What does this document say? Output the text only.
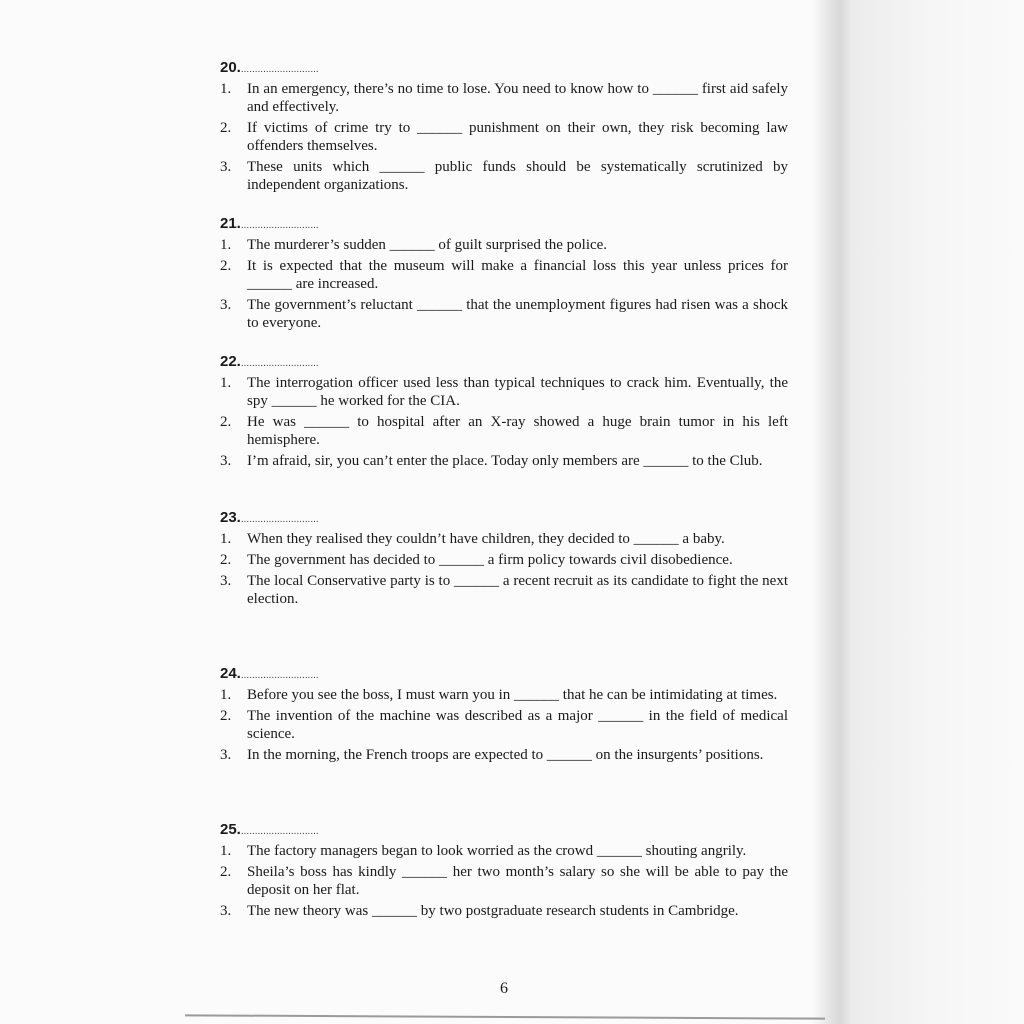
20.............................
1.	In an emergency, there’s no time to lose. You need to know how to ______ first aid safely and effectively.
2.	If victims of crime try to ______ punishment on their own, they risk becoming law offenders themselves.
3.	These units which ______ public funds should be systematically scrutinized by independent organizations.
21.............................
1.	The murderer’s sudden ______ of guilt surprised the police.
2.	It is expected that the museum will make a financial loss this year unless prices for ______ are increased.
3.	The government’s reluctant ______ that the unemployment figures had risen was a shock to everyone.
22.............................
1.	The interrogation officer used less than typical techniques to crack him. Eventually, the spy ______ he worked for the CIA.
2.	He was ______ to hospital after an X-ray showed a huge brain tumor in his left hemisphere.
3.	I’m afraid, sir, you can’t enter the place. Today only members are ______ to the Club.
23.............................
1.	When they realised they couldn’t have children, they decided to ______ a baby.
2.	The government has decided to ______ a firm policy towards civil disobedience.
3.	The local Conservative party is to ______ a recent recruit as its candidate to fight the next election.
24.............................
1.	Before you see the boss, I must warn you in ______ that he can be intimidating at times.
2.	The invention of the machine was described as a major ______ in the field of medical science.
3.	In the morning, the French troops are expected to ______ on the insurgents’ positions.
25.............................
1.	The factory managers began to look worried as the crowd ______ shouting angrily.
2.	Sheila’s boss has kindly ______ her two month’s salary so she will be able to pay the deposit on her flat.
3.	The new theory was ______ by two postgraduate research students in Cambridge.
6
